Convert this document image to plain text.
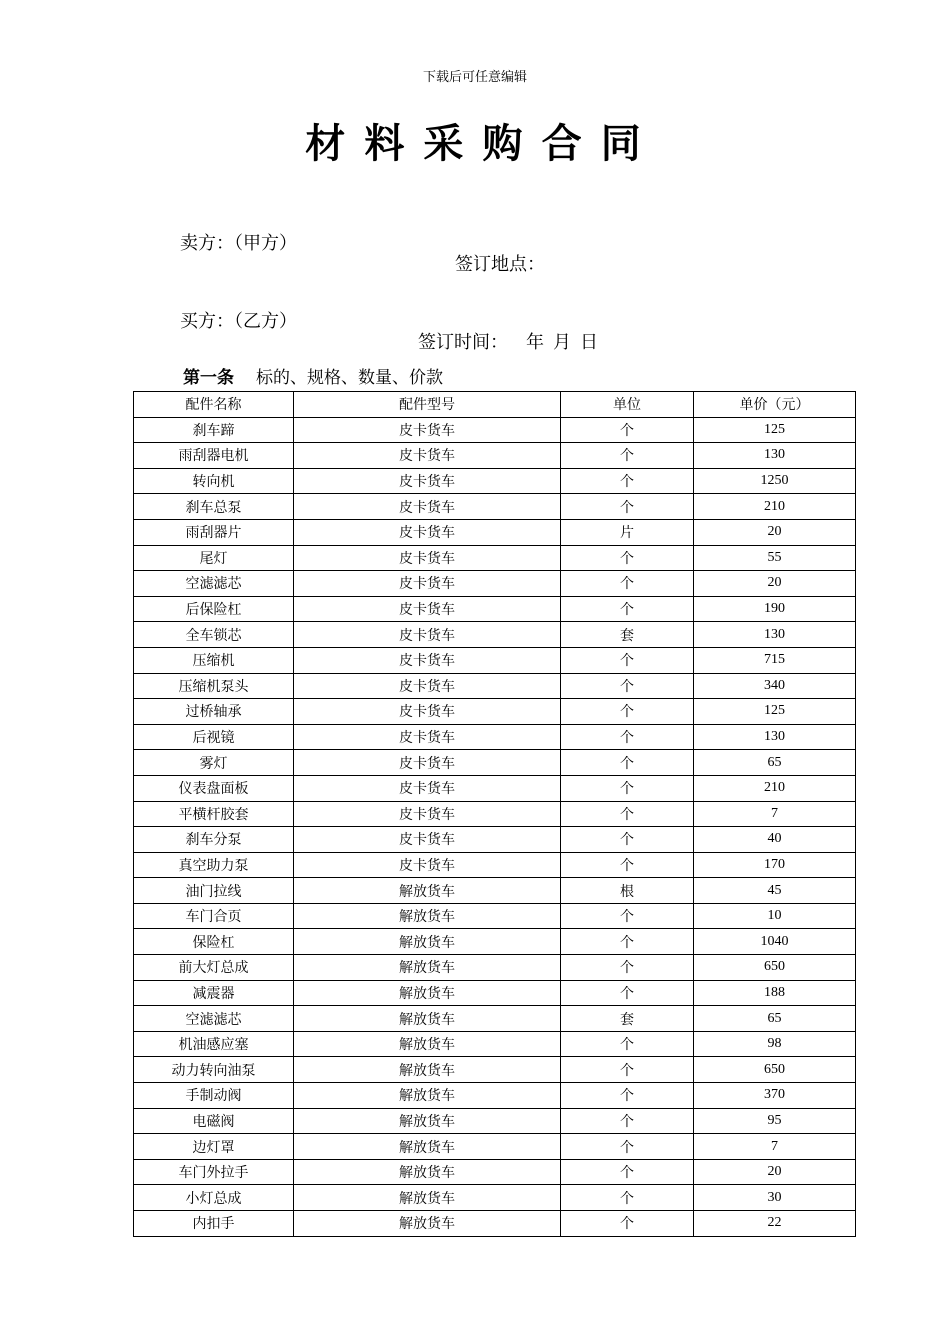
下载后可任意编辑
材 料 采 购 合 同

卖方：（甲方）

签订地点：

买方：（乙方）

签订时间：    年  月  日

第一条 标的、规格、数量、价款
配件名称	配件型号	单位	单价（元）
刹车蹄	皮卡货车	个	125
雨刮器电机	皮卡货车	个	130
转向机	皮卡货车	个	1250
刹车总泵	皮卡货车	个	210
雨刮器片	皮卡货车	片	20
尾灯	皮卡货车	个	55
空滤滤芯	皮卡货车	个	20
后保险杠	皮卡货车	个	190
全车锁芯	皮卡货车	套	130
压缩机	皮卡货车	个	715
压缩机泵头	皮卡货车	个	340
过桥轴承	皮卡货车	个	125
后视镜	皮卡货车	个	130
雾灯	皮卡货车	个	65
仪表盘面板	皮卡货车	个	210
平横杆胶套	皮卡货车	个	7
刹车分泵	皮卡货车	个	40
真空助力泵	皮卡货车	个	170
油门拉线	解放货车	根	45
车门合页	解放货车	个	10
保险杠	解放货车	个	1040
前大灯总成	解放货车	个	650
减震器	解放货车	个	188
空滤滤芯	解放货车	套	65
机油感应塞	解放货车	个	98
动力转向油泵	解放货车	个	650
手制动阀	解放货车	个	370
电磁阀	解放货车	个	95
边灯罩	解放货车	个	7
车门外拉手	解放货车	个	20
小灯总成	解放货车	个	30
内扣手	解放货车	个	22
